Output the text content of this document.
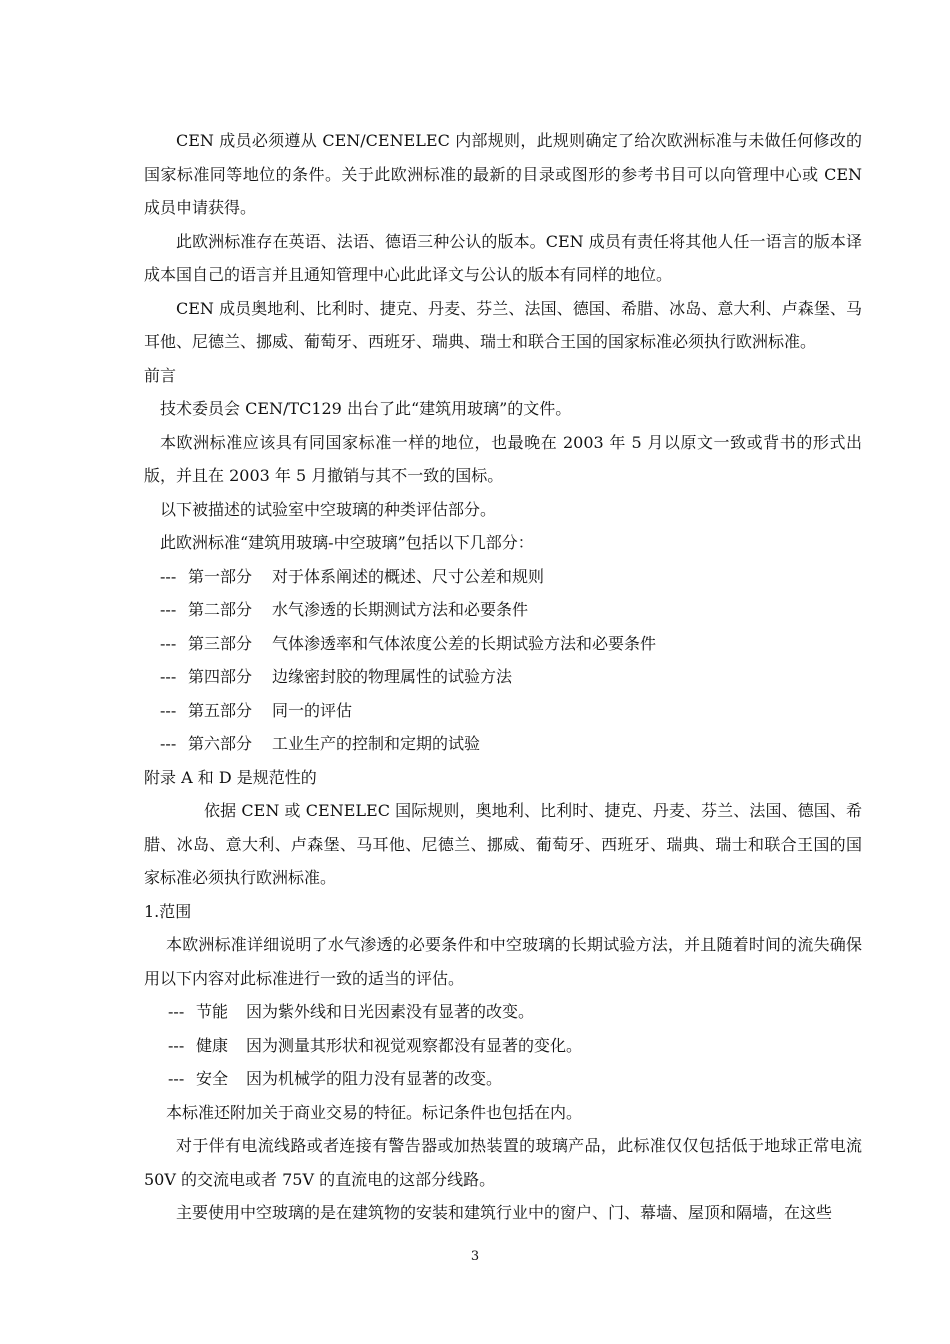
CEN 成员必须遵从 CEN/CENELEC 内部规则，此规则确定了给次欧洲标准与未做任何修改的国家标准同等地位的条件。关于此欧洲标准的最新的目录或图形的参考书目可以向管理中心或 CEN 成员申请获得。

此欧洲标准存在英语、法语、德语三种公认的版本。CEN 成员有责任将其他人任一语言的版本译成本国自己的语言并且通知管理中心此此译文与公认的版本有同样的地位。

CEN 成员奥地利、比利时、捷克、丹麦、芬兰、法国、德国、希腊、冰岛、意大利、卢森堡、马耳他、尼德兰、挪威、葡萄牙、西班牙、瑞典、瑞士和联合王国的国家标准必须执行欧洲标准。

前言

技术委员会 CEN/TC129 出台了此“建筑用玻璃”的文件。

本欧洲标准应该具有同国家标准一样的地位，也最晚在 2003 年 5 月以原文一致或背书的形式出版，并且在 2003 年 5 月撤销与其不一致的国标。

以下被描述的试验室中空玻璃的种类评估部分。

此欧洲标准“建筑用玻璃-中空玻璃”包括以下几部分：

--- 第一部分 对于体系阐述的概述、尺寸公差和规则

--- 第二部分 水气渗透的长期测试方法和必要条件

--- 第三部分 气体渗透率和气体浓度公差的长期试验方法和必要条件

--- 第四部分 边缘密封胶的物理属性的试验方法

--- 第五部分 同一的评估

--- 第六部分 工业生产的控制和定期的试验

附录 A 和 D 是规范性的

依据 CEN 或 CENELEC 国际规则，奥地利、比利时、捷克、丹麦、芬兰、法国、德国、希腊、冰岛、意大利、卢森堡、马耳他、尼德兰、挪威、葡萄牙、西班牙、瑞典、瑞士和联合王国的国家标准必须执行欧洲标准。

1.范围

本欧洲标准详细说明了水气渗透的必要条件和中空玻璃的长期试验方法，并且随着时间的流失确保用以下内容对此标准进行一致的适当的评估。

--- 节能 因为紫外线和日光因素没有显著的改变。

--- 健康 因为测量其形状和视觉观察都没有显著的变化。

--- 安全 因为机械学的阻力没有显著的改变。

本标准还附加关于商业交易的特征。标记条件也包括在内。

对于伴有电流线路或者连接有警告器或加热装置的玻璃产品，此标准仅仅包括低于地球正常电流 50V 的交流电或者 75V 的直流电的这部分线路。

主要使用中空玻璃的是在建筑物的安装和建筑行业中的窗户、门、幕墙、屋顶和隔墙，在这些

3
